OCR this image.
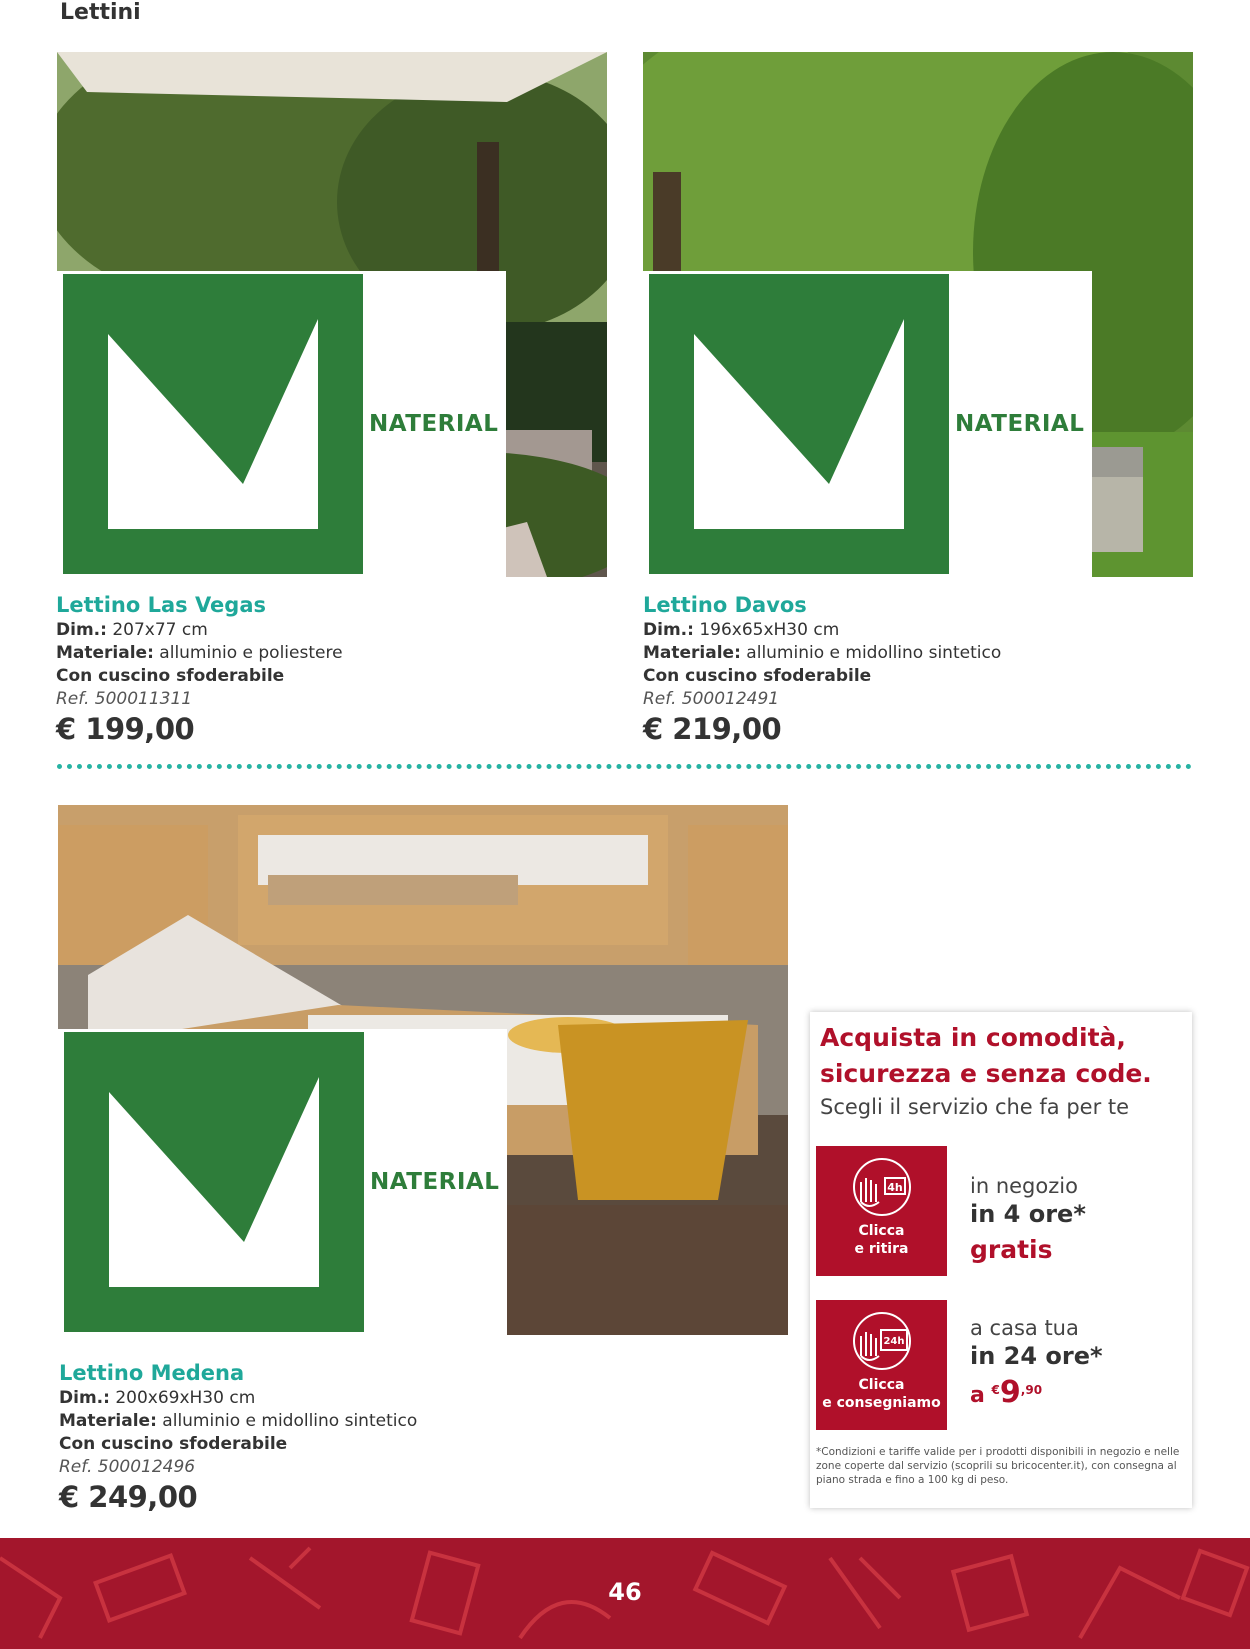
Lettini
NATERIAL	NATERIAL
Lettino Las Vegas
Dim.: 207x77 cm
Materiale: alluminio e poliestere
Con cuscino sfoderabile
Ref. 500011311
€ 199,00
Lettino Davos
Dim.: 196x65xH30 cm
Materiale: alluminio e midollino sintetico
Con cuscino sfoderabile
Ref. 500012491
€ 219,00
NATERIAL
Lettino Medena
Dim.: 200x69xH30 cm
Materiale: alluminio e midollino sintetico
Con cuscino sfoderabile
Ref. 500012496
€ 249,00
Acquista in comodità,
sicurezza e senza code.
Scegli il servizio che fa per te
4h
Clicca
e ritira
in negozio
in 4 ore*
gratis
24h
Clicca
e consegniamo
a casa tua
in 24 ore*
a $^€9^{,90}$
*Condizioni e tariffe valide per i prodotti disponibili in negozio e nelle zone coperte dal servizio (scoprili su bricocenter.it), con consegna al piano strada e fino a 100 kg di peso.
46
